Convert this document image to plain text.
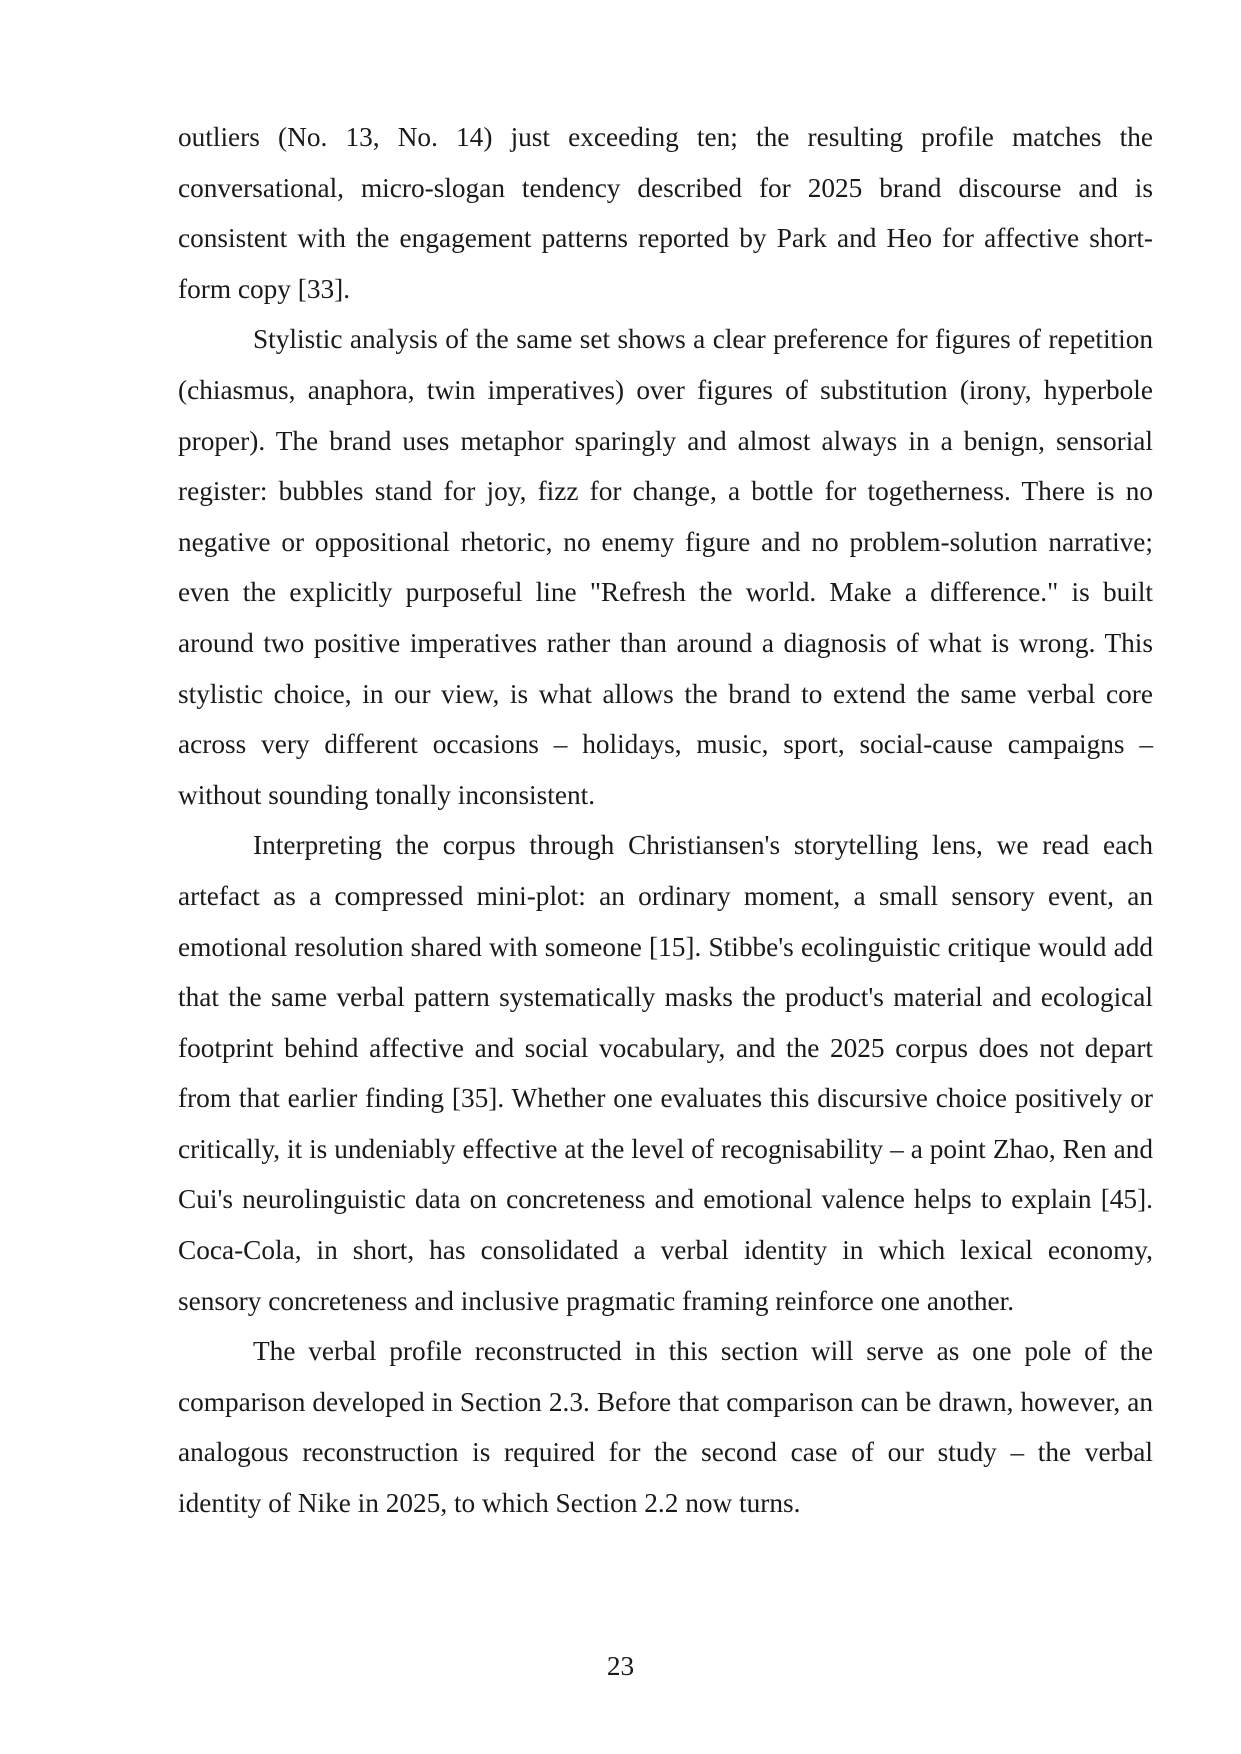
outliers (No. 13, No. 14) just exceeding ten; the resulting profile matches the conversational, micro-slogan tendency described for 2025 brand discourse and is consistent with the engagement patterns reported by Park and Heo for affective short-form copy [33].

Stylistic analysis of the same set shows a clear preference for figures of repetition (chiasmus, anaphora, twin imperatives) over figures of substitution (irony, hyperbole proper). The brand uses metaphor sparingly and almost always in a benign, sensorial register: bubbles stand for joy, fizz for change, a bottle for togetherness. There is no negative or oppositional rhetoric, no enemy figure and no problem-solution narrative; even the explicitly purposeful line "Refresh the world. Make a difference." is built around two positive imperatives rather than around a diagnosis of what is wrong. This stylistic choice, in our view, is what allows the brand to extend the same verbal core across very different occasions – holidays, music, sport, social-cause campaigns – without sounding tonally inconsistent.

Interpreting the corpus through Christiansen's storytelling lens, we read each artefact as a compressed mini-plot: an ordinary moment, a small sensory event, an emotional resolution shared with someone [15]. Stibbe's ecolinguistic critique would add that the same verbal pattern systematically masks the product's material and ecological footprint behind affective and social vocabulary, and the 2025 corpus does not depart from that earlier finding [35]. Whether one evaluates this discursive choice positively or critically, it is undeniably effective at the level of recognisability – a point Zhao, Ren and Cui's neurolinguistic data on concreteness and emotional valence helps to explain [45]. Coca-Cola, in short, has consolidated a verbal identity in which lexical economy, sensory concreteness and inclusive pragmatic framing reinforce one another.

The verbal profile reconstructed in this section will serve as one pole of the comparison developed in Section 2.3. Before that comparison can be drawn, however, an analogous reconstruction is required for the second case of our study – the verbal identity of Nike in 2025, to which Section 2.2 now turns.

23
